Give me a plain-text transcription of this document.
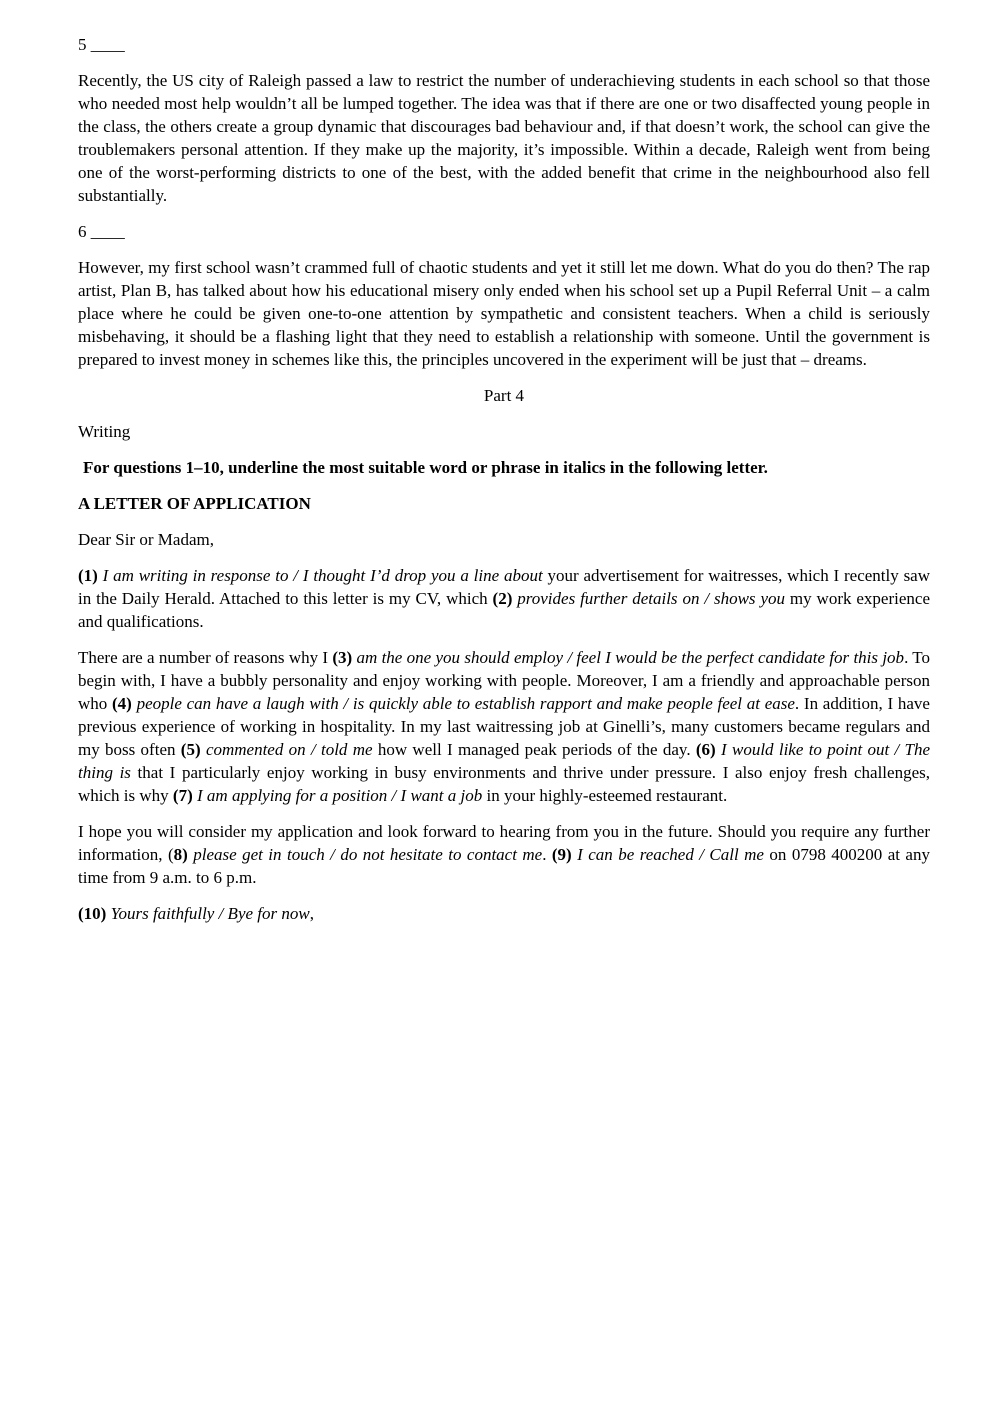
5 ____

Recently, the US city of Raleigh passed a law to restrict the number of underachieving students in each school so that those who needed most help wouldn’t all be lumped together. The idea was that if there are one or two disaffected young people in the class, the others create a group dynamic that discourages bad behaviour and, if that doesn’t work, the school can give the troublemakers personal attention. If they make up the majority, it’s impossible. Within a decade, Raleigh went from being one of the worst-performing districts to one of the best, with the added benefit that crime in the neighbourhood also fell substantially.

6 ____

However, my first school wasn’t crammed full of chaotic students and yet it still let me down. What do you do then? The rap artist, Plan B, has talked about how his educational misery only ended when his school set up a Pupil Referral Unit – a calm place where he could be given one-to-one attention by sympathetic and consistent teachers. When a child is seriously misbehaving, it should be a flashing light that they need to establish a relationship with someone. Until the government is prepared to invest money in schemes like this, the principles uncovered in the experiment will be just that – dreams.

Part 4

Writing

For questions 1–10, underline the most suitable word or phrase in italics in the following letter.

A LETTER OF APPLICATION

Dear Sir or Madam,

(1) I am writing in response to / I thought I’d drop you a line about your advertisement for waitresses, which I recently saw in the Daily Herald. Attached to this letter is my CV, which (2) provides further details on / shows you my work experience and qualifications.

There are a number of reasons why I (3) am the one you should employ / feel I would be the perfect candidate for this job. To begin with, I have a bubbly personality and enjoy working with people. Moreover, I am a friendly and approachable person who (4) people can have a laugh with / is quickly able to establish rapport and make people feel at ease. In addition, I have previous experience of working in hospitality. In my last waitressing job at Ginelli’s, many customers became regulars and my boss often (5) commented on / told me how well I managed peak periods of the day. (6) I would like to point out / The thing is that I particularly enjoy working in busy environments and thrive under pressure. I also enjoy fresh challenges, which is why (7) I am applying for a position / I want a job in your highly-esteemed restaurant.

I hope you will consider my application and look forward to hearing from you in the future. Should you require any further information, (8) please get in touch / do not hesitate to contact me. (9) I can be reached / Call me on 0798 400200 at any time from 9 a.m. to 6 p.m.

(10) Yours faithfully / Bye for now,
